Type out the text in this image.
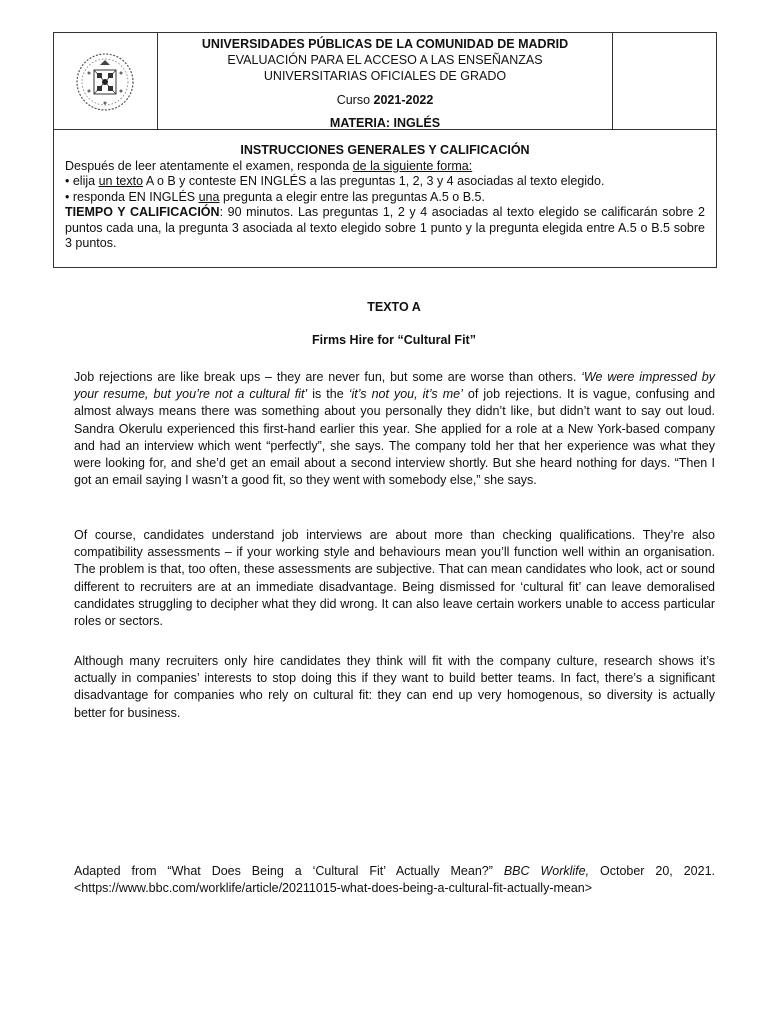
UNIVERSIDADES PÚBLICAS DE LA COMUNIDAD DE MADRID
EVALUACIÓN PARA EL ACCESO A LAS ENSEÑANZAS
UNIVERSITARIAS OFICIALES DE GRADO
Curso 2021-2022
MATERIA: INGLÉS
INSTRUCCIONES GENERALES Y CALIFICACIÓN
Después de leer atentamente el examen, responda de la siguiente forma:
• elija un texto A o B y conteste EN INGLÉS a las preguntas 1, 2, 3 y 4 asociadas al texto elegido.
• responda EN INGLÉS una pregunta a elegir entre las preguntas A.5 o B.5.
TIEMPO Y CALIFICACIÓN: 90 minutos. Las preguntas 1, 2 y 4 asociadas al texto elegido se calificarán sobre 2 puntos cada una, la pregunta 3 asociada al texto elegido sobre 1 punto y la pregunta elegida entre A.5 o B.5 sobre 3 puntos.
TEXTO A
Firms Hire for “Cultural Fit”
Job rejections are like break ups – they are never fun, but some are worse than others. ‘We were impressed by your resume, but you’re not a cultural fit’ is the ‘it’s not you, it’s me’ of job rejections. It is vague, confusing and almost always means there was something about you personally they didn’t like, but didn’t want to say out loud. Sandra Okerulu experienced this first-hand earlier this year. She applied for a role at a New York-based company and had an interview which went “perfectly”, she says. The company told her that her experience was what they were looking for, and she’d get an email about a second interview shortly. But she heard nothing for days. “Then I got an email saying I wasn’t a good fit, so they went with somebody else,” she says.
Of course, candidates understand job interviews are about more than checking qualifications. They’re also compatibility assessments – if your working style and behaviours mean you’ll function well within an organisation. The problem is that, too often, these assessments are subjective. That can mean candidates who look, act or sound different to recruiters are at an immediate disadvantage. Being dismissed for ‘cultural fit’ can leave demoralised candidates struggling to decipher what they did wrong. It can also leave certain workers unable to access particular roles or sectors.
Although many recruiters only hire candidates they think will fit with the company culture, research shows it’s actually in companies’ interests to stop doing this if they want to build better teams. In fact, there’s a significant disadvantage for companies who rely on cultural fit: they can end up very homogenous, so diversity is actually better for business.
Adapted from “What Does Being a ‘Cultural Fit’ Actually Mean?” BBC Worklife, October 20, 2021. <https://www.bbc.com/worklife/article/20211015-what-does-being-a-cultural-fit-actually-mean>
